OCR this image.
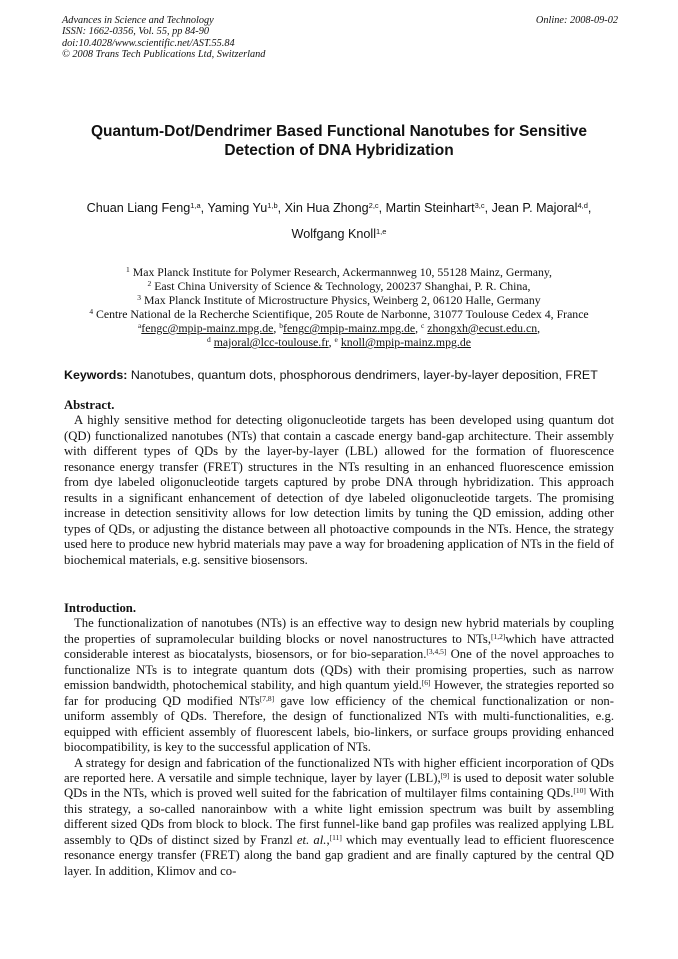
Advances in Science and Technology
ISSN: 1662-0356, Vol. 55, pp 84-90
doi:10.4028/www.scientific.net/AST.55.84
© 2008 Trans Tech Publications Ltd, Switzerland
Online: 2008-09-02
Quantum-Dot/Dendrimer Based Functional Nanotubes for Sensitive
Detection of DNA Hybridization
Chuan Liang Feng$^{1,a}$, Yaming Yu$^{1,b}$, Xin Hua Zhong$^{2,c}$, Martin Steinhart$^{3,c}$, Jean P. Majoral$^{4,d}$,
Wolfgang Knoll$^{1,e}$
$^1$ Max Planck Institute for Polymer Research, Ackermannweg 10, 55128 Mainz, Germany,
$^2$ East China University of Science & Technology, 200237 Shanghai, P. R. China,
$^3$ Max Planck Institute of Microstructure Physics, Weinberg 2, 06120 Halle, Germany
$^4$ Centre National de la Recherche Scientifique, 205 Route de Narbonne, 31077 Toulouse Cedex 4, France
$^a$fengc@mpip-mainz.mpg.de, $^b$fengc@mpip-mainz.mpg.de, $^c$ zhongxh@ecust.edu.cn,
$^d$ majoral@lcc-toulouse.fr, $^e$ knoll@mpip-mainz.mpg.de
Keywords: Nanotubes, quantum dots, phosphorous dendrimers, layer-by-layer deposition, FRET
Abstract.

A highly sensitive method for detecting oligonucleotide targets has been developed using quantum dot (QD) functionalized nanotubes (NTs) that contain a cascade energy band-gap architecture. Their assembly with different types of QDs by the layer-by-layer (LBL) allowed for the formation of fluorescence resonance energy transfer (FRET) structures in the NTs resulting in an enhanced fluorescence emission from dye labeled oligonucleotide targets captured by probe DNA through hybridization. This approach results in a significant enhancement of detection of dye labeled oligonucleotide targets. The promising increase in detection sensitivity allows for low detection limits by tuning the QD emission, adding other types of QDs, or adjusting the distance between all photoactive compounds in the NTs. Hence, the strategy used here to produce new hybrid materials may pave a way for broadening application of NTs in the field of biochemical materials, e.g. sensitive biosensors.

Introduction.

The functionalization of nanotubes (NTs) is an effective way to design new hybrid materials by coupling the properties of supramolecular building blocks or novel nanostructures to NTs,[1,2]which have attracted considerable interest as biocatalysts, biosensors, or for bio-separation.[3,4,5] One of the novel approaches to functionalize NTs is to integrate quantum dots (QDs) with their promising properties, such as narrow emission bandwidth, photochemical stability, and high quantum yield.[6] However, the strategies reported so far for producing QD modified NTs[7,8] gave low efficiency of the chemical functionalization or non-uniform assembly of QDs. Therefore, the design of functionalized NTs with multi-functionalities, e.g. equipped with efficient assembly of fluorescent labels, bio-linkers, or surface groups providing enhanced biocompatibility, is key to the successful application of NTs.

A strategy for design and fabrication of the functionalized NTs with higher efficient incorporation of QDs are reported here. A versatile and simple technique, layer by layer (LBL),[9] is used to deposit water soluble QDs in the NTs, which is proved well suited for the fabrication of multilayer films containing QDs.[10] With this strategy, a so-called nanorainbow with a white light emission spectrum was built by assembling different sized QDs from block to block. The first funnel-like band gap profiles was realized applying LBL assembly to QDs of distinct sized by Franzl et. al.,[11] which may eventually lead to efficient fluorescence resonance energy transfer (FRET) along the band gap gradient and are finally captured by the central QD layer. In addition, Klimov and co-
